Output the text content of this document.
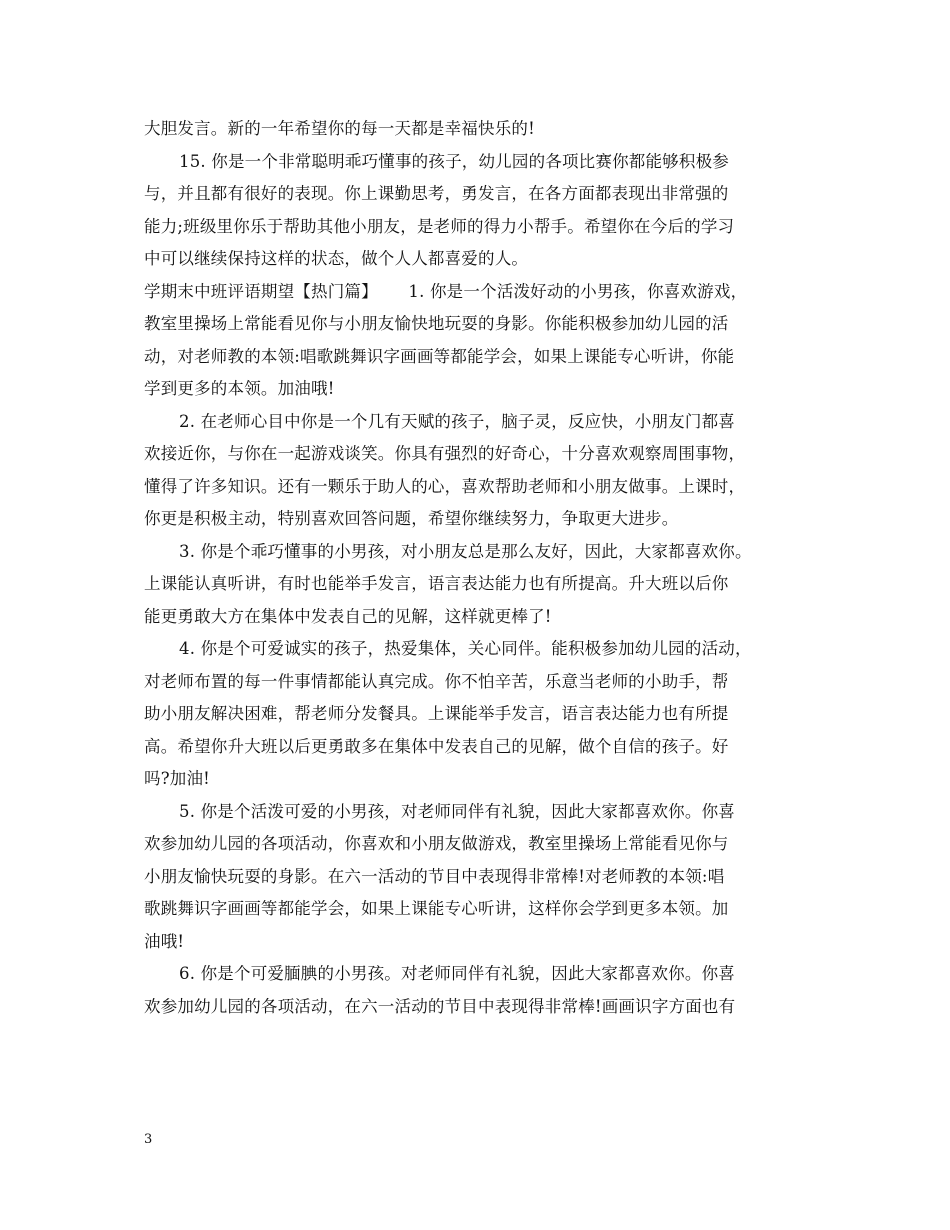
大胆发言。新的一年希望你的每一天都是幸福快乐的!
15. 你是一个非常聪明乖巧懂事的孩子，幼儿园的各项比赛你都能够积极参
与，并且都有很好的表现。你上课勤思考，勇发言，在各方面都表现出非常强的
能力;班级里你乐于帮助其他小朋友，是老师的得力小帮手。希望你在今后的学习
中可以继续保持这样的状态，做个人人都喜爱的人。
学期末中班评语期望【热门篇】　　 1. 你是一个活泼好动的小男孩，你喜欢游戏，
教室里操场上常能看见你与小朋友愉快地玩耍的身影。你能积极参加幼儿园的活
动，对老师教的本领:唱歌跳舞识字画画等都能学会，如果上课能专心听讲，你能
学到更多的本领。加油哦!
2. 在老师心目中你是一个几有天赋的孩子，脑子灵，反应快，小朋友门都喜
欢接近你，与你在一起游戏谈笑。你具有强烈的好奇心，十分喜欢观察周围事物，
懂得了许多知识。还有一颗乐于助人的心，喜欢帮助老师和小朋友做事。上课时，
你更是积极主动，特别喜欢回答问题，希望你继续努力，争取更大进步。
3. 你是个乖巧懂事的小男孩，对小朋友总是那么友好，因此，大家都喜欢你。
上课能认真听讲，有时也能举手发言，语言表达能力也有所提高。升大班以后你
能更勇敢大方在集体中发表自己的见解，这样就更棒了!
4. 你是个可爱诚实的孩子，热爱集体，关心同伴。能积极参加幼儿园的活动，
对老师布置的每一件事情都能认真完成。你不怕辛苦，乐意当老师的小助手，帮
助小朋友解决困难，帮老师分发餐具。上课能举手发言，语言表达能力也有所提
高。希望你升大班以后更勇敢多在集体中发表自己的见解，做个自信的孩子。好
吗?加油!
5. 你是个活泼可爱的小男孩，对老师同伴有礼貌，因此大家都喜欢你。你喜
欢参加幼儿园的各项活动，你喜欢和小朋友做游戏，教室里操场上常能看见你与
小朋友愉快玩耍的身影。在六一活动的节目中表现得非常棒!对老师教的本领:唱
歌跳舞识字画画等都能学会，如果上课能专心听讲，这样你会学到更多本领。加
油哦!
6. 你是个可爱腼腆的小男孩。对老师同伴有礼貌，因此大家都喜欢你。你喜
欢参加幼儿园的各项活动，在六一活动的节目中表现得非常棒!画画识字方面也有
3
